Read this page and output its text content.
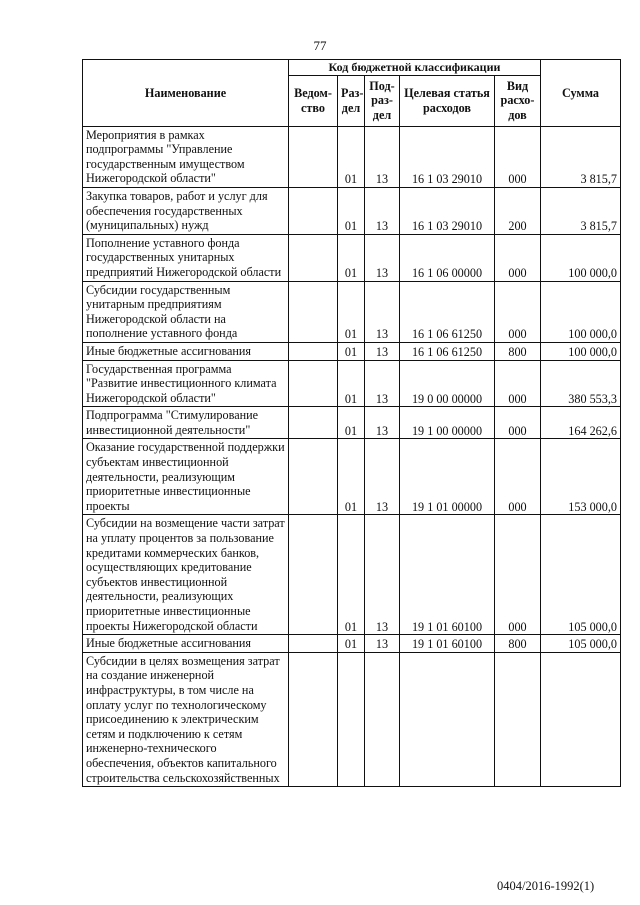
77
Наименование	Код бюджетной классификации					Сумма
	Ведом-ство	Раз-дел	Под-раз-дел	Целевая статья расходов	Вид расхо-дов	
Мероприятия в рамках подпрограммы "Управление государственным имуществом Нижегородской области"		01	13	16 1 03 29010	000	3 815,7
Закупка товаров, работ и услуг для обеспечения государственных (муниципальных) нужд		01	13	16 1 03 29010	200	3 815,7
Пополнение уставного фонда государственных унитарных предприятий Нижегородской области		01	13	16 1 06 00000	000	100 000,0
Субсидии государственным унитарным предприятиям Нижегородской области на пополнение уставного фонда		01	13	16 1 06 61250	000	100 000,0
Иные бюджетные ассигнования		01	13	16 1 06 61250	800	100 000,0
Государственная программа "Развитие инвестиционного климата Нижегородской области"		01	13	19 0 00 00000	000	380 553,3
Подпрограмма "Стимулирование инвестиционной деятельности"		01	13	19 1 00 00000	000	164 262,6
Оказание государственной поддержки субъектам инвестиционной деятельности, реализующим приоритетные инвестиционные проекты		01	13	19 1 01 00000	000	153 000,0
Субсидии на возмещение части затрат на уплату процентов за пользование кредитами коммерческих банков, осуществляющих кредитование субъектов инвестиционной деятельности, реализующих приоритетные инвестиционные проекты Нижегородской области		01	13	19 1 01 60100	000	105 000,0
Иные бюджетные ассигнования		01	13	19 1 01 60100	800	105 000,0
Субсидии в целях возмещения затрат на создание инженерной инфраструктуры, в том числе на оплату услуг по технологическому присоединению к электрическим сетям и подключению к сетям инженерно-технического обеспечения, объектов капитального строительства сельскохозяйственных						
0404/2016-1992(1)
